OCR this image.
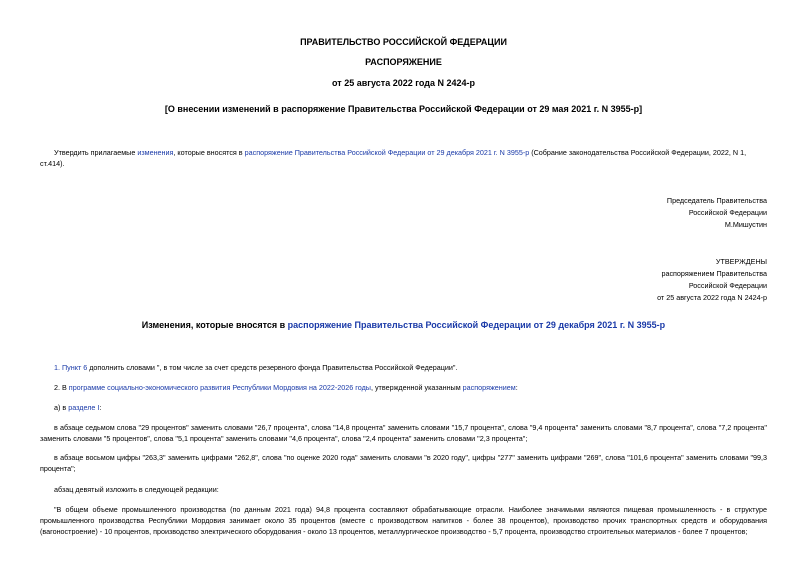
ПРАВИТЕЛЬСТВО РОССИЙСКОЙ ФЕДЕРАЦИИ
РАСПОРЯЖЕНИЕ
от 25 августа 2022 года N 2424-р
[О внесении изменений в распоряжение Правительства Российской Федерации от 29 мая 2021 г. N 3955-р]
Утвердить прилагаемые изменения, которые вносятся в распоряжение Правительства Российской Федерации от 29 декабря 2021 г. N 3955-р (Собрание законодательства Российской Федерации, 2022, N 1,
ст.414).
Председатель Правительства
Российской Федерации
М.Мишустин
УТВЕРЖДЕНЫ
распоряжением Правительства
Российской Федерации
от 25 августа 2022 года N 2424-р
Изменения, которые вносятся в распоряжение Правительства Российской Федерации от 29 декабря 2021 г. N 3955-р
1. Пункт 6 дополнить словами ", в том числе за счет средств резервного фонда Правительства Российской Федерации".
2. В программе социально-экономического развития Республики Мордовия на 2022-2026 годы, утвержденной указанным распоряжением:
а) в разделе I:
в абзаце седьмом слова "29 процентов" заменить словами "26,7 процента", слова "14,8 процента" заменить словами "15,7 процента", слова "9,4 процента" заменить словами "8,7 процента", слова "7,2 процента" заменить словами "5 процентов", слова "5,1 процента" заменить словами "4,6 процента", слова "2,4 процента" заменить словами "2,3 процента";
в абзаце восьмом цифры "263,3" заменить цифрами "262,8", слова "по оценке 2020 года" заменить словами "в 2020 году", цифры "277" заменить цифрами "269", слова "101,6 процента" заменить словами "99,3 процента";
абзац девятый изложить в следующей редакции:
"В общем объеме промышленного производства (по данным 2021 года) 94,8 процента составляют обрабатывающие отрасли. Наиболее значимыми являются пищевая промышленность - в структуре промышленного производства Республики Мордовия занимает около 35 процентов (вместе с производством напитков - более 38 процентов), производство прочих транспортных средств и оборудования (вагоностроение) - 10 процентов, производство электрического оборудования - около 13 процентов, металлургическое производство - 5,7 процента, производство строительных материалов - более 7 процентов;
